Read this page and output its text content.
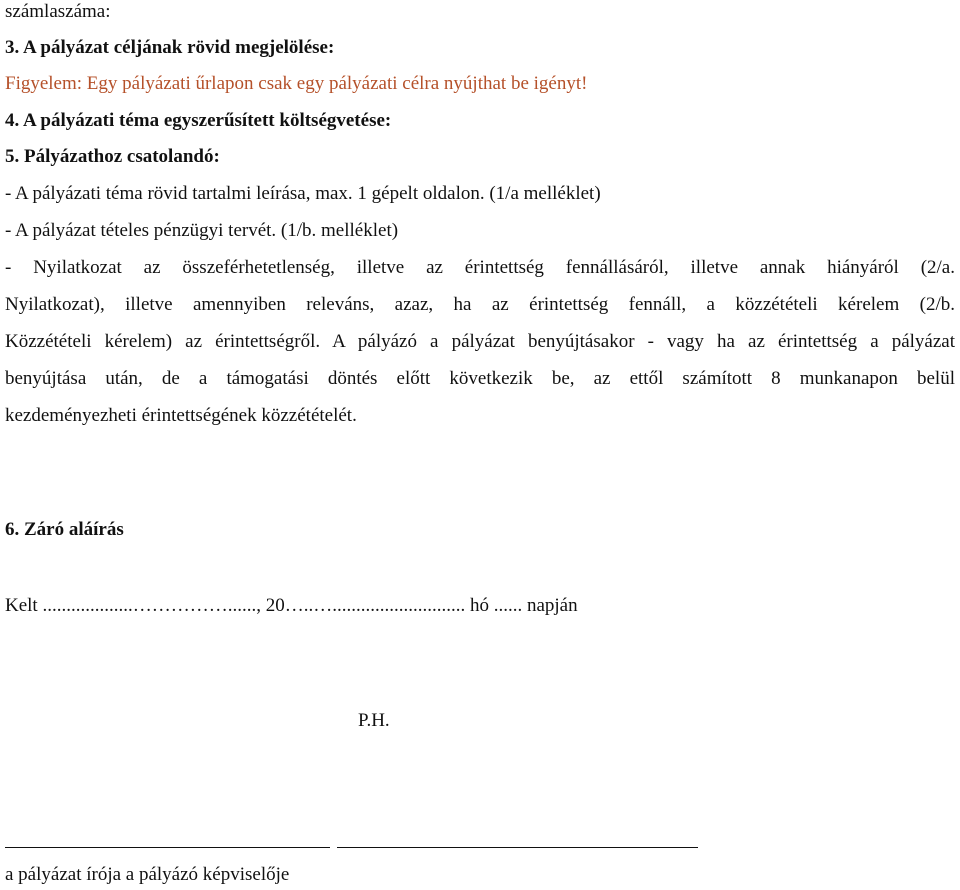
számlaszáma:
3. A pályázat céljának rövid megjelölése:
Figyelem: Egy pályázati űrlapon csak egy pályázati célra nyújthat be igényt!
4. A pályázati téma egyszerűsített költségvetése:
5. Pályázathoz csatolandó:
- A pályázati téma rövid tartalmi leírása, max. 1 gépelt oldalon. (1/a melléklet)
- A pályázat tételes pénzügyi tervét. (1/b. melléklet)
- Nyilatkozat az összeférhetetlenség, illetve az érintettség fennállásáról, illetve annak hiányáról (2/a.
Nyilatkozat), illetve amennyiben releváns, azaz, ha az érintettség fennáll, a közzétételi kérelem (2/b.
Közzétételi kérelem) az érintettségről. A pályázó a pályázat benyújtásakor - vagy ha az érintettség a pályázat
benyújtása után, de a támogatási döntés előtt következik be, az ettől számított 8 munkanapon belül
kezdeményezheti érintettségének közzétételét.
6. Záró aláírás
Kelt ...................……………......, 20…..…............................ hó ...... napján
P.H.
a pályázat írója a pályázó képviselője
